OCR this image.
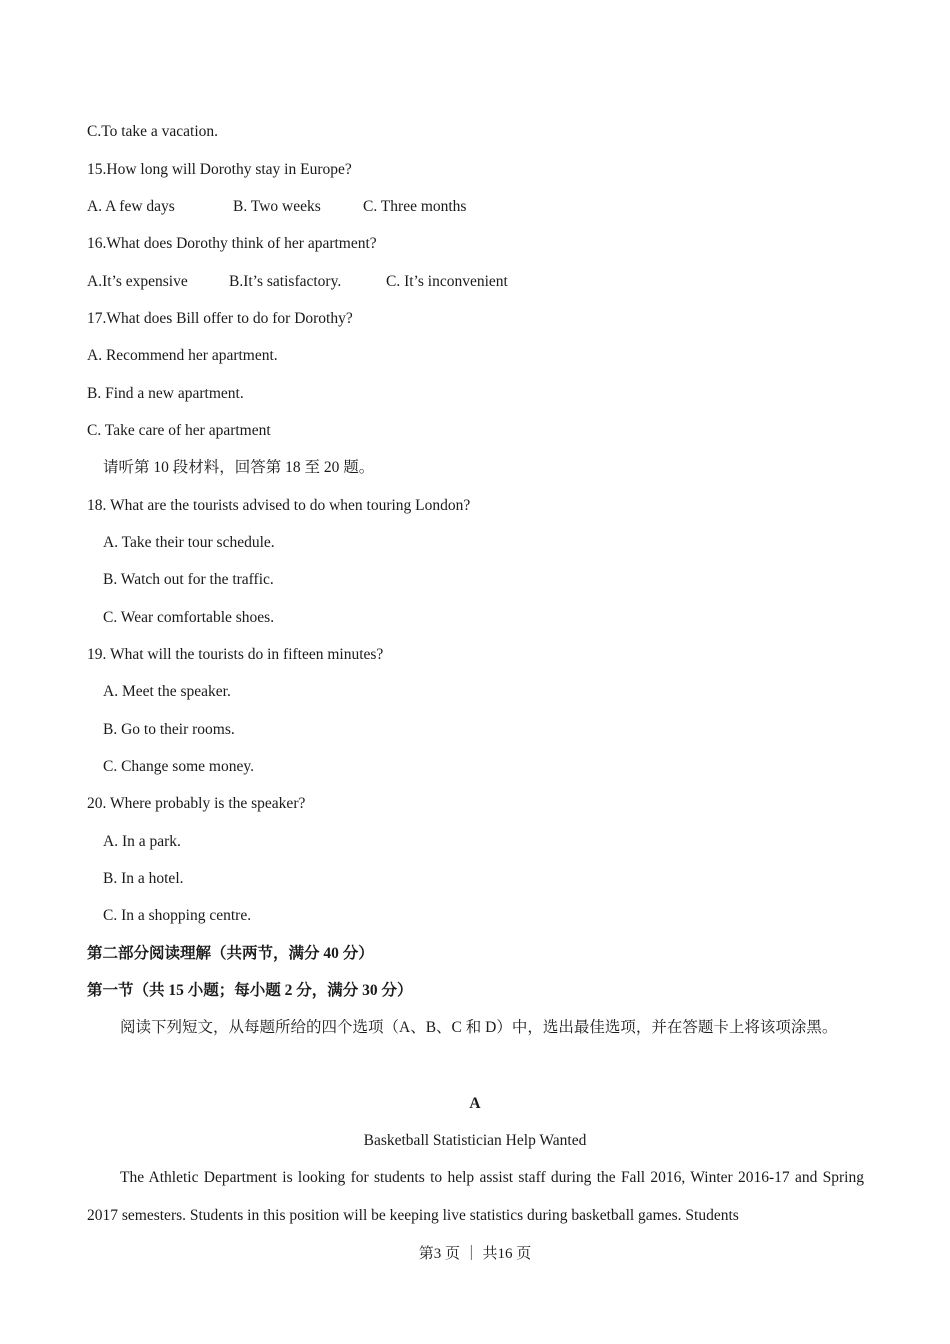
C.To take a vacation.
15.How long will Dorothy stay in Europe?
A. A few days	B. Two weeks	C. Three months
16.What does Dorothy think of her apartment?
A.It’s expensive	B.It’s satisfactory.	C. It’s inconvenient
17.What does Bill offer to do for Dorothy?
A. Recommend her apartment.
B. Find a new apartment.
C. Take care of her apartment
请听第 10 段材料，回答第 18 至 20 题。
18. What are the tourists advised to do when touring London?
A. Take their tour schedule.
B. Watch out for the traffic.
C. Wear comfortable shoes.
19. What will the tourists do in fifteen minutes?
A. Meet the speaker.
B. Go to their rooms.
C. Change some money.
20. Where probably is the speaker?
A. In a park.
B. In a hotel.
C. In a shopping centre.
第二部分阅读理解（共两节，满分 40 分）
第一节（共 15 小题；每小题 2 分，满分 30 分）

阅读下列短文，从每题所给的四个选项（A、B、C 和 D）中，选出最佳选项，并在答题卡上将该项涂黑。

A
Basketball Statistician Help Wanted

The Athletic Department is looking for students to help assist staff during the Fall 2016, Winter 2016-17 and Spring 2017 semesters. Students in this position will be keeping live statistics during basketball games. Students

第3 页 ｜ 共16 页
